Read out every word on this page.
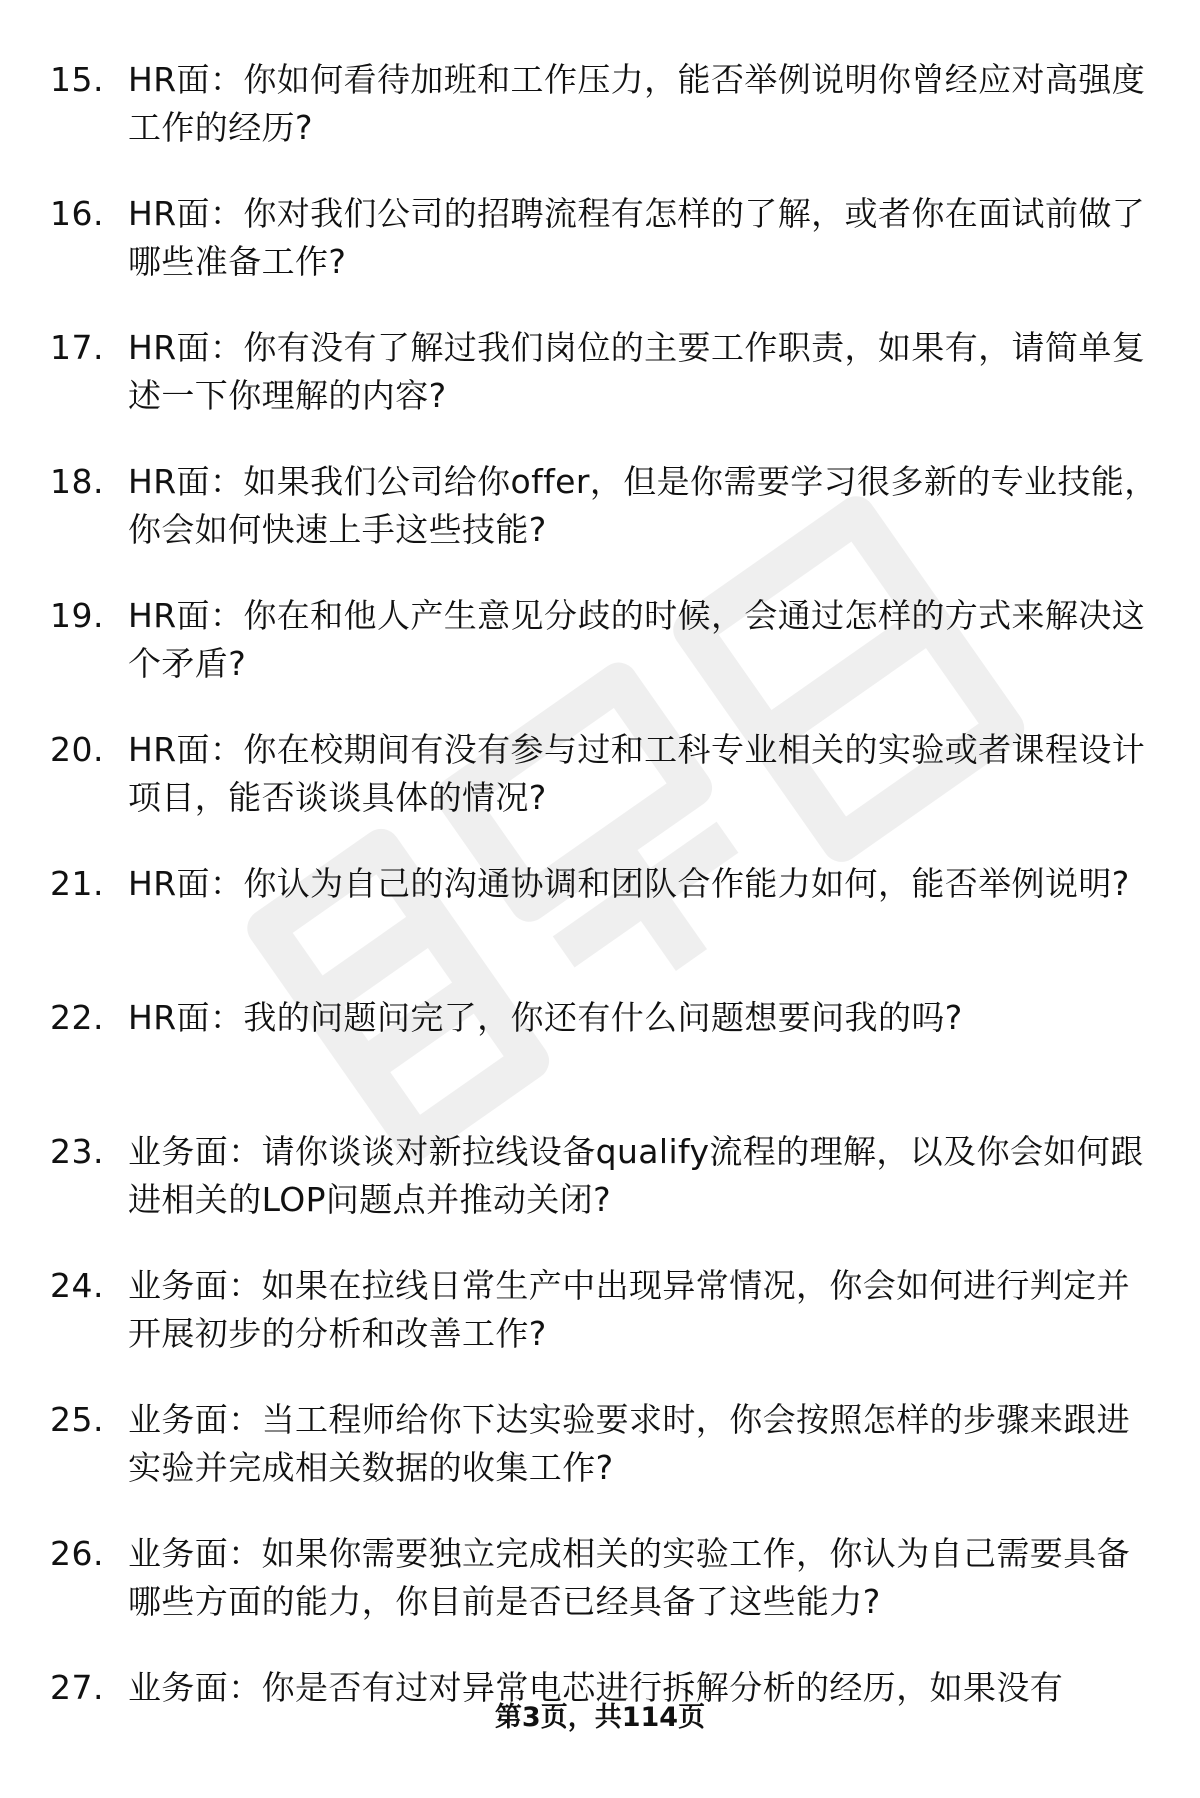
15. HR面：你如何看待加班和工作压力，能否举例说明你曾经应对高强度工作的经历?
16. HR面：你对我们公司的招聘流程有怎样的了解，或者你在面试前做了哪些准备工作?
17. HR面：你有没有了解过我们岗位的主要工作职责，如果有，请简单复述一下你理解的内容?
18. HR面：如果我们公司给你offer，但是你需要学习很多新的专业技能，你会如何快速上手这些技能?
19. HR面：你在和他人产生意见分歧的时候，会通过怎样的方式来解决这个矛盾?
20. HR面：你在校期间有没有参与过和工科专业相关的实验或者课程设计项目，能否谈谈具体的情况?
21. HR面：你认为自己的沟通协调和团队合作能力如何，能否举例说明?
22. HR面：我的问题问完了，你还有什么问题想要问我的吗?
23. 业务面：请你谈谈对新拉线设备qualify流程的理解，以及你会如何跟进相关的LOP问题点并推动关闭?
24. 业务面：如果在拉线日常生产中出现异常情况，你会如何进行判定并开展初步的分析和改善工作?
25. 业务面：当工程师给你下达实验要求时，你会按照怎样的步骤来跟进实验并完成相关数据的收集工作?
26. 业务面：如果你需要独立完成相关的实验工作，你认为自己需要具备哪些方面的能力，你目前是否已经具备了这些能力?
27. 业务面：你是否有过对异常电芯进行拆解分析的经历，如果没有
第3页，共114页
